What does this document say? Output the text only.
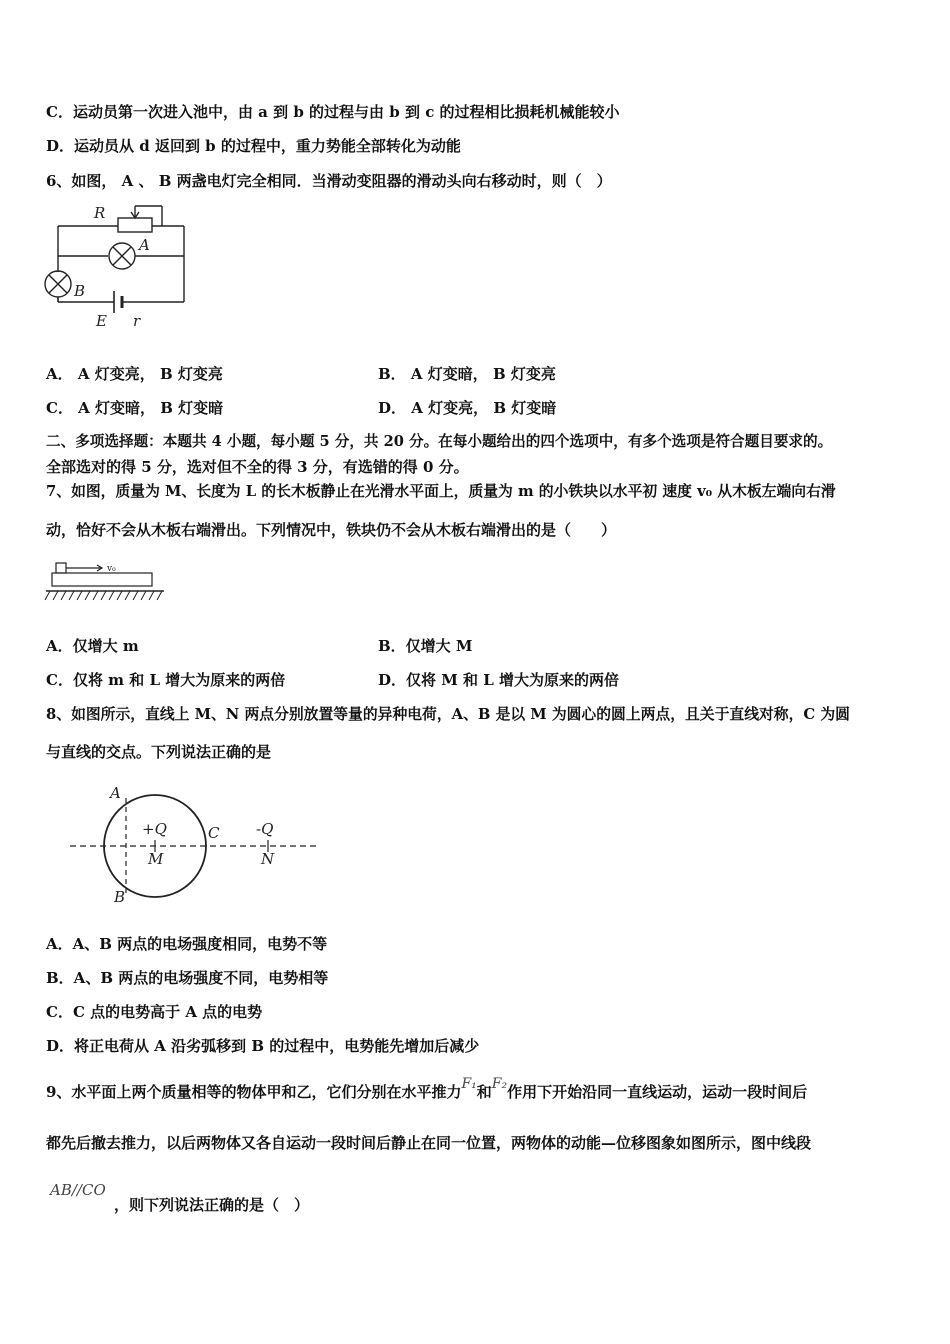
C．运动员第一次进入池中，由 a 到 b 的过程与由 b 到 c 的过程相比损耗机械能较小
D．运动员从 d 返回到 b 的过程中，重力势能全部转化为动能
6、如图， A 、 B 两盏电灯完全相同．当滑动变阻器的滑动头向右移动时，则（　）
R
A
B
E r
A． A 灯变亮， B 灯变亮	B． A 灯变暗， B 灯变亮
C． A 灯变暗， B 灯变暗	D． A 灯变亮， B 灯变暗
二、多项选择题：本题共 4 小题，每小题 5 分，共 20 分。在每小题给出的四个选项中，有多个选项是符合题目要求的。
全部选对的得 5 分，选对但不全的得 3 分，有选错的得 0 分。
7、如图，质量为 M、长度为 L 的长木板静止在光滑水平面上，质量为 m 的小铁块以水平初 速度 v₀ 从木板左端向右滑
动，恰好不会从木板右端滑出。下列情况中，铁块仍不会从木板右端滑出的是（　　）
v₀
A．仅增大 m	B．仅增大 M
C．仅将 m 和 L 增大为原来的两倍	D．仅将 M 和 L 增大为原来的两倍
8、如图所示，直线上 M、N 两点分别放置等量的异种电荷，A、B 是以 M 为圆心的圆上两点，且关于直线对称，C 为圆
与直线的交点。下列说法正确的是
A
B
C
+Q
M
-Q
N
A．A、B 两点的电场强度相同，电势不等
B．A、B 两点的电场强度不同，电势相等
C．C 点的电势高于 A 点的电势
D．将正电荷从 A 沿劣弧移到 B 的过程中，电势能先增加后减少
9、水平面上两个质量相等的物体甲和乙，它们分别在水平推力F₁和F₂作用下开始沿同一直线运动，运动一段时间后
都先后撤去推力，以后两物体又各自运动一段时间后静止在同一位置，两物体的动能—位移图象如图所示，图中线段
AB//CO
，则下列说法正确的是（　）
